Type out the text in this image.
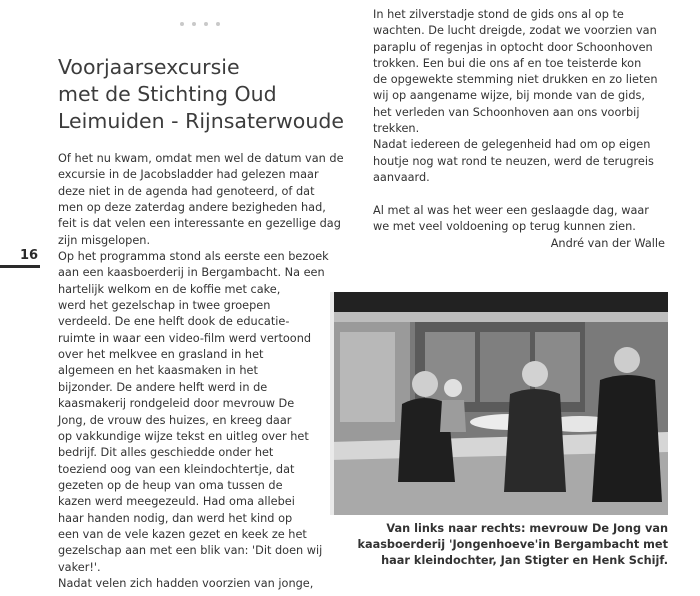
Voorjaarsexcursie
met de Stichting Oud
Leimuiden - Rijnsaterwoude
Of het nu kwam, omdat men wel de datum van de
excursie in de Jacobsladder had gelezen maar
deze niet in de agenda had genoteerd, of dat
men op deze zaterdag andere bezigheden had,
feit is dat velen een interessante en gezellige dag
zijn misgelopen.
Op het programma stond als eerste een bezoek
aan een kaasboerderij in Bergambacht. Na een
hartelijk welkom en de koffie met cake,
werd het gezelschap in twee groepen
verdeeld. De ene helft dook de educatie-
ruimte in waar een video-film werd vertoond
over het melkvee en grasland in het
algemeen en het kaasmaken in het
bijzonder. De andere helft werd in de
kaasmakerij rondgeleid door mevrouw De
Jong, de vrouw des huizes, en kreeg daar
op vakkundige wijze tekst en uitleg over het
bedrijf. Dit alles geschiedde onder het
toeziend oog van een kleindochtertje, dat
gezeten op de heup van oma tussen de
kazen werd meegezeuld. Had oma allebei
haar handen nodig, dan werd het kind op
een van de vele kazen gezet en keek ze het
gezelschap aan met een blik van: 'Dit doen wij
vaker!'.
Nadat velen zich hadden voorzien van jonge,
16
In het zilverstadje stond de gids ons al op te
wachten. De lucht dreigde, zodat we voorzien van
paraplu of regenjas in optocht door Schoonhoven
trokken. Een bui die ons af en toe teisterde kon
de opgewekte stemming niet drukken en zo lieten
wij op aangename wijze, bij monde van de gids,
het verleden van Schoonhoven aan ons voorbij
trekken.
Nadat iedereen de gelegenheid had om op eigen
houtje nog wat rond te neuzen, werd de terugreis
aanvaard.
Al met al was het weer een geslaagde dag, waar
we met veel voldoening op terug kunnen zien.
André van der Walle
Van links naar rechts: mevrouw De Jong van
kaasboerderij 'Jongenhoeve'in Bergambacht met
haar kleindochter, Jan Stigter en Henk Schijf.
